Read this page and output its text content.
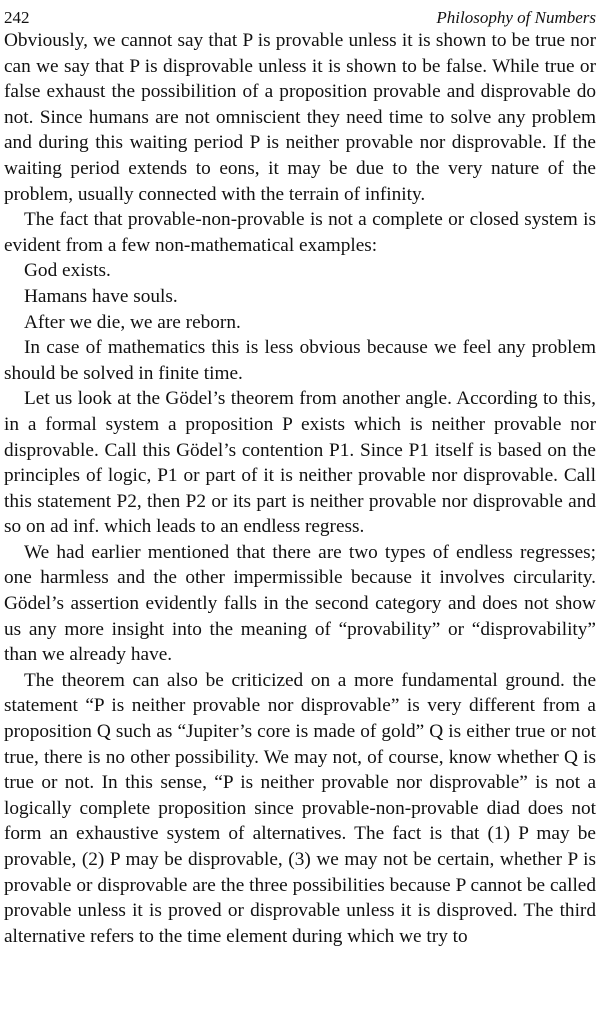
242	Philosophy of Numbers

Obviously, we cannot say that P is provable unless it is shown to be true nor can we say that P is disprovable unless it is shown to be false. While true or false exhaust the possibilition of a proposition provable and disprovable do not. Since humans are not omniscient they need time to solve any problem and during this waiting period P is neither provable nor disprovable. If the waiting period extends to eons, it may be due to the very nature of the problem, usually connected with the terrain of infinity.

The fact that provable-non-provable is not a complete or closed system is evident from a few non-mathematical examples:

God exists.

Hamans have souls.

After we die, we are reborn.

In case of mathematics this is less obvious because we feel any problem should be solved in finite time.

Let us look at the Gödel’s theorem from another angle. According to this, in a formal system a proposition P exists which is neither provable nor disprovable. Call this Gödel’s contention P1. Since P1 itself is based on the principles of logic, P1 or part of it is neither provable nor disprovable. Call this statement P2, then P2 or its part is neither provable nor disprovable and so on ad inf. which leads to an endless regress.

We had earlier mentioned that there are two types of endless regresses; one harmless and the other impermissible because it involves circularity. Gödel’s assertion evidently falls in the second category and does not show us any more insight into the meaning of “provability” or “disprovability” than we already have.

The theorem can also be criticized on a more fundamental ground. the statement “P is neither provable nor disprovable” is very different from a proposition Q such as “Jupiter’s core is made of gold” Q is either true or not true, there is no other possibility. We may not, of course, know whether Q is true or not. In this sense, “P is neither provable nor disprovable” is not a logically complete proposition since provable-non-provable diad does not form an exhaustive system of alternatives. The fact is that (1) P may be provable, (2) P may be disprovable, (3) we may not be certain, whether P is provable or disprovable are the three possibilities because P cannot be called provable unless it is proved or disprovable unless it is disproved. The third alternative refers to the time element during which we try to
